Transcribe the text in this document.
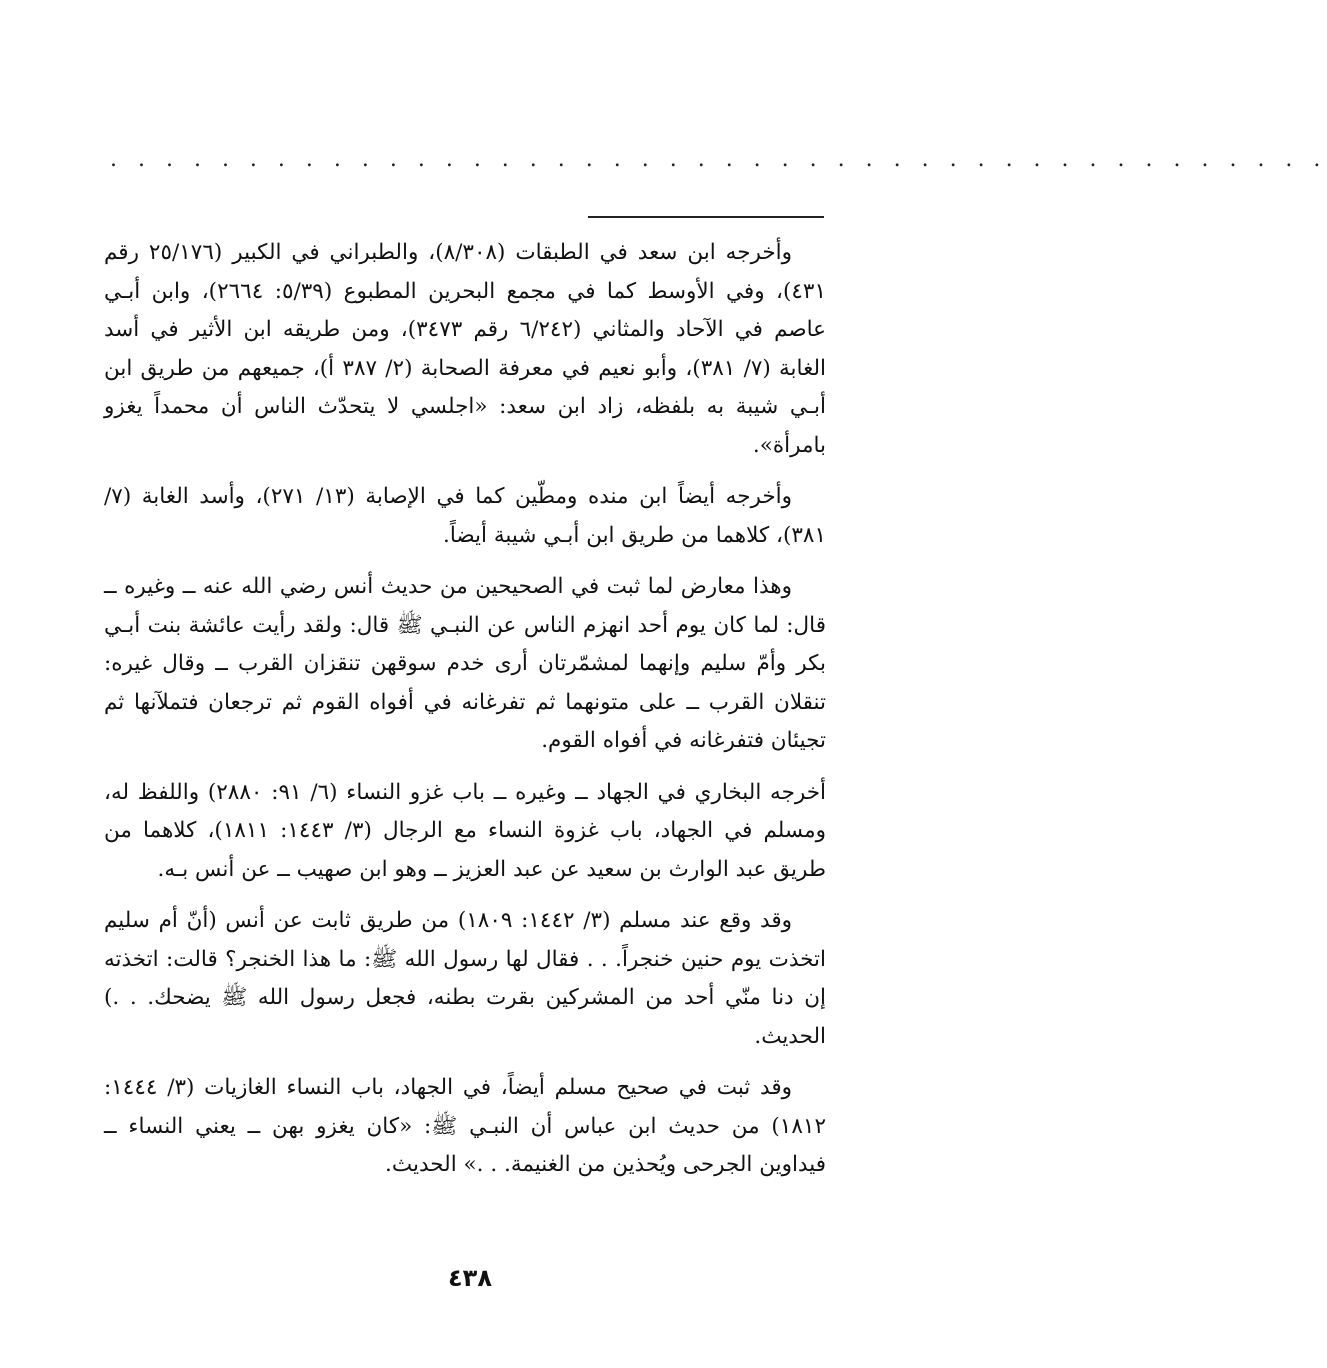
. . . . . . . . . . . . . . . . . . . . . . . . . . . . . . . . . . . . . . . . . . . .

وأخرجه ابن سعد في الطبقات (٨/٣٠٨)، والطبراني في الكبير (٢٥/١٧٦ رقم ٤٣١)، وفي الأوسط كما في مجمع البحرين المطبوع (٥/٣٩: ٢٦٦٤)، وابن أبـي عاصم في الآحاد والمثاني (٦/٢٤٢ رقم ٣٤٧٣)، ومن طريقه ابن الأثير في أسد الغابة (٧/ ٣٨١)، وأبو نعيم في معرفة الصحابة (٢/ ٣٨٧ أ)، جميعهم من طريق ابن أبـي شيبة به بلفظه، زاد ابن سعد: «اجلسي لا يتحدّث الناس أن محمداً يغزو بامرأة».

وأخرجه أيضاً ابن منده ومطّين كما في الإصابة (١٣/ ٢٧١)، وأسد الغابة (٧/ ٣٨١)، كلاهما من طريق ابن أبـي شيبة أيضاً.

وهذا معارض لما ثبت في الصحيحين من حديث أنس رضي الله عنه ــ وغيره ــ قال: لما كان يوم أحد انهزم الناس عن النبـي ﷺ قال: ولقد رأيت عائشة بنت أبـي بكر وأمّ سليم وإنهما لمشمّرتان أرى خدم سوقهن تنقزان القرب ــ وقال غيره: تنقلان القرب ــ على متونهما ثم تفرغانه في أفواه القوم ثم ترجعان فتملآنها ثم تجيئان فتفرغانه في أفواه القوم.

أخرجه البخاري في الجهاد ــ وغيره ــ باب غزو النساء (٦/ ٩١: ٢٨٨٠) واللفظ له، ومسلم في الجهاد، باب غزوة النساء مع الرجال (٣/ ١٤٤٣: ١٨١١)، كلاهما من طريق عبد الوارث بن سعيد عن عبد العزيز ــ وهو ابن صهيب ــ عن أنس بـه.

وقد وقع عند مسلم (٣/ ١٤٤٢: ١٨٠٩) من طريق ثابت عن أنس (أنّ أم سليم اتخذت يوم حنين خنجراً. . . فقال لها رسول الله ﷺ: ما هذا الخنجر؟ قالت: اتخذته إن دنا منّي أحد من المشركين بقرت بطنه، فجعل رسول الله ﷺ يضحك. . .) الحديث.

وقد ثبت في صحيح مسلم أيضاً، في الجهاد، باب النساء الغازيات (٣/ ١٤٤٤: ١٨١٢) من حديث ابن عباس أن النبـي ﷺ: «كان يغزو بهن ــ يعني النساء ــ فيداوين الجرحى ويُحذين من الغنيمة. . .» الحديث.

٤٣٨
